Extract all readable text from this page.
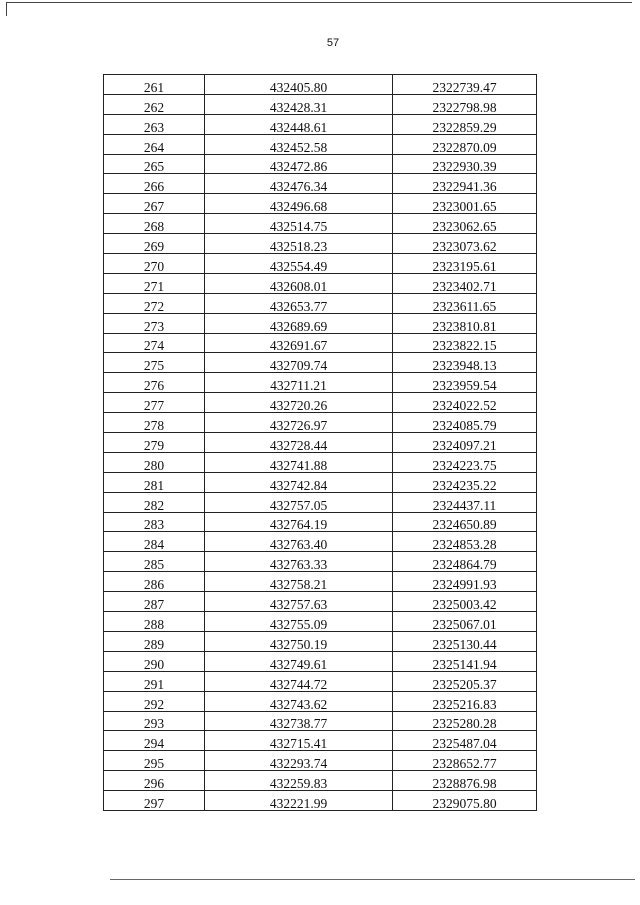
57
261	432405.80	2322739.47
262	432428.31	2322798.98
263	432448.61	2322859.29
264	432452.58	2322870.09
265	432472.86	2322930.39
266	432476.34	2322941.36
267	432496.68	2323001.65
268	432514.75	2323062.65
269	432518.23	2323073.62
270	432554.49	2323195.61
271	432608.01	2323402.71
272	432653.77	2323611.65
273	432689.69	2323810.81
274	432691.67	2323822.15
275	432709.74	2323948.13
276	432711.21	2323959.54
277	432720.26	2324022.52
278	432726.97	2324085.79
279	432728.44	2324097.21
280	432741.88	2324223.75
281	432742.84	2324235.22
282	432757.05	2324437.11
283	432764.19	2324650.89
284	432763.40	2324853.28
285	432763.33	2324864.79
286	432758.21	2324991.93
287	432757.63	2325003.42
288	432755.09	2325067.01
289	432750.19	2325130.44
290	432749.61	2325141.94
291	432744.72	2325205.37
292	432743.62	2325216.83
293	432738.77	2325280.28
294	432715.41	2325487.04
295	432293.74	2328652.77
296	432259.83	2328876.98
297	432221.99	2329075.80
